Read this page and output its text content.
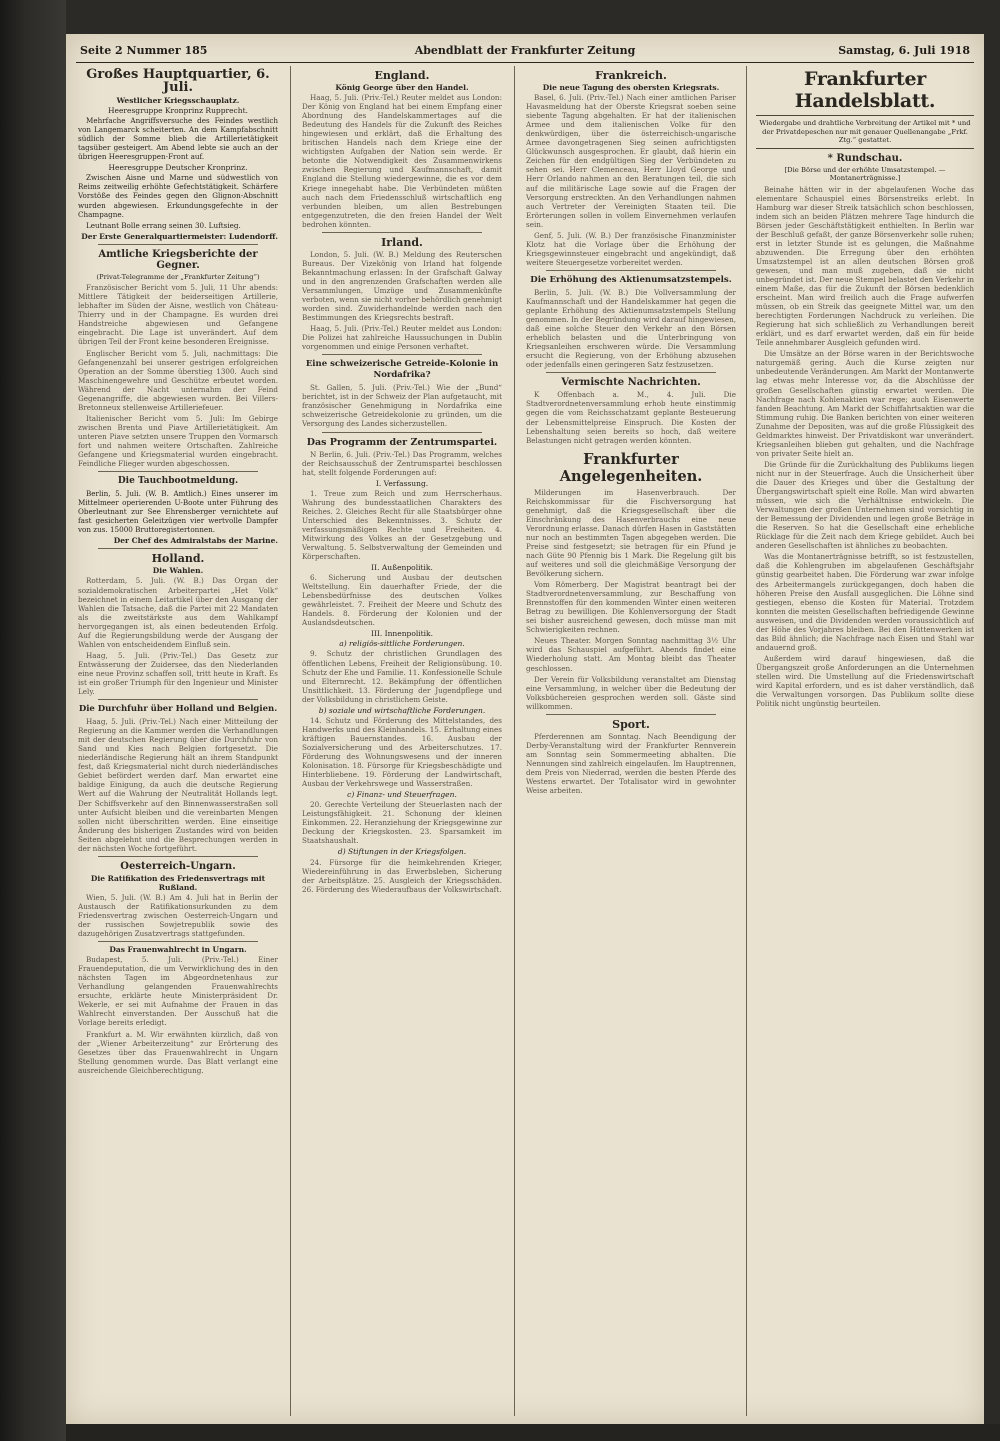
Seite 2 Nummer 185	Abendblatt der Frankfurter Zeitung	Samstag, 6. Juli 1918
Großes Hauptquartier, 6. Juli.
Westlicher Kriegsschauplatz.
Heeresgruppe Kronprinz Rupprecht.

Mehrfache Angriffsversuche des Feindes westlich von Langemarck scheiterten. An dem Kampfabschnitt südlich der Somme blieb die Artillerietätigkeit tagsüber gesteigert. Am Abend lebte sie auch an der übrigen Heeresgruppen-Front auf.

Heeresgruppe Deutscher Kronprinz.

Zwischen Aisne und Marne und südwestlich von Reims zeitweilig erhöhte Gefechtstätigkeit. Schärfere Vorstöße des Feindes gegen den Glignon-Abschnitt wurden abgewiesen. Erkundungsgefechte in der Champagne.

Leutnant Bolle errang seinen 30. Luftsieg.

Der Erste Generalquartiermeister: Ludendorff.
Amtliche Kriegsberichte der Gegner.
(Privat-Telegramme der „Frankfurter Zeitung“)

Französischer Bericht vom 5. Juli, 11 Uhr abends: Mittlere Tätigkeit der beiderseitigen Artillerie, lebhafter im Süden der Aisne, westlich von Château-Thierry und in der Champagne. Es wurden drei Handstreiche abgewiesen und Gefangene eingebracht. Die Lage ist unverändert. Auf dem übrigen Teil der Front keine besonderen Ereignisse.

Englischer Bericht vom 5. Juli, nachmittags: Die Gefangenenzahl bei unserer gestrigen erfolgreichen Operation an der Somme überstieg 1300. Auch sind Maschinengewehre und Geschütze erbeutet worden. Während der Nacht unternahm der Feind Gegenangriffe, die abgewiesen wurden. Bei Villers-Bretonneux stellenweise Artilleriefeuer.

Italienischer Bericht vom 5. Juli: Im Gebirge zwischen Brenta und Piave Artillerietätigkeit. Am unteren Piave setzten unsere Truppen den Vormarsch fort und nahmen weitere Ortschaften. Zahlreiche Gefangene und Kriegsmaterial wurden eingebracht. Feindliche Flieger wurden abgeschossen.

Die Tauchbootmeldung.

Berlin, 5. Juli. (W. B. Amtlich.) Eines unserer im Mittelmeer operierenden U-Boote unter Führung des Oberleutnant zur See Ehrensberger vernichtete auf fast gesicherten Geleitzügen vier wertvolle Dampfer von zus. 15000 Bruttoregistertonnen.

Der Chef des Admiralstabs der Marine.
Holland.
Die Wahlen.

Rotterdam, 5. Juli. (W. B.) Das Organ der sozialdemokratischen Arbeiterpartei „Het Volk“ bezeichnet in einem Leitartikel über den Ausgang der Wahlen die Tatsache, daß die Partei mit 22 Mandaten als die zweitstärkste aus dem Wahlkampf hervorgegangen ist, als einen bedeutenden Erfolg. Auf die Regierungsbildung werde der Ausgang der Wahlen von entscheidendem Einfluß sein.

Haag, 5. Juli. (Priv.-Tel.) Das Gesetz zur Entwässerung der Zuidersee, das den Niederlanden eine neue Provinz schaffen soll, tritt heute in Kraft. Es ist ein großer Triumph für den Ingenieur und Minister Lely.

Die Durchfuhr über Holland und Belgien.

Haag, 5. Juli. (Priv.-Tel.) Nach einer Mitteilung der Regierung an die Kammer werden die Verhandlungen mit der deutschen Regierung über die Durchfuhr von Sand und Kies nach Belgien fortgesetzt. Die niederländische Regierung hält an ihrem Standpunkt fest, daß Kriegsmaterial nicht durch niederländisches Gebiet befördert werden darf. Man erwartet eine baldige Einigung, da auch die deutsche Regierung Wert auf die Wahrung der Neutralität Hollands legt. Der Schiffsverkehr auf den Binnenwasserstraßen soll unter Aufsicht bleiben und die vereinbarten Mengen sollen nicht überschritten werden. Eine einseitige Änderung des bisherigen Zustandes wird von beiden Seiten abgelehnt und die Besprechungen werden in der nächsten Woche fortgeführt.

Oesterreich-Ungarn.
Die Ratifikation des Friedensvertrags mit Rußland.

Wien, 5. Juli. (W. B.) Am 4. Juli hat in Berlin der Austausch der Ratifikationsurkunden zu dem Friedensvertrag zwischen Oesterreich-Ungarn und der russischen Sowjetrepublik sowie des dazugehörigen Zusatzvertrags stattgefunden.

Das Frauenwahlrecht in Ungarn.

Budapest, 5. Juli. (Priv.-Tel.) Einer Frauendeputation, die um Verwirklichung des in den nächsten Tagen im Abgeordnetenhaus zur Verhandlung gelangenden Frauenwahlrechts ersuchte, erklärte heute Ministerpräsident Dr. Wekerle, er sei mit Aufnahme der Frauen in das Wahlrecht einverstanden. Der Ausschuß hat die Vorlage bereits erledigt.

Frankfurt a. M. Wir erwähnten kürzlich, daß von der „Wiener Arbeiterzeitung“ zur Erörterung des Gesetzes über das Frauenwahlrecht in Ungarn Stellung genommen wurde. Das Blatt verlangt eine ausreichende Gleichberechtigung.

England.
König George über den Handel.

Haag, 5. Juli. (Priv.-Tel.) Reuter meldet aus London: Der König von England hat bei einem Empfang einer Abordnung des Handelskammertages auf die Bedeutung des Handels für die Zukunft des Reiches hingewiesen und erklärt, daß die Erhaltung des britischen Handels nach dem Kriege eine der wichtigsten Aufgaben der Nation sein werde. Er betonte die Notwendigkeit des Zusammenwirkens zwischen Regierung und Kaufmannschaft, damit England die Stellung wiedergewinne, die es vor dem Kriege innegehabt habe. Die Verbündeten müßten auch nach dem Friedensschluß wirtschaftlich eng verbunden bleiben, um allen Bestrebungen entgegenzutreten, die den freien Handel der Welt bedrohen könnten.

Irland.

London, 5. Juli. (W. B.) Meldung des Reuterschen Bureaus. Der Vizekönig von Irland hat folgende Bekanntmachung erlassen: In der Grafschaft Galway und in den angrenzenden Grafschaften werden alle Versammlungen, Umzüge und Zusammenkünfte verboten, wenn sie nicht vorher behördlich genehmigt worden sind. Zuwiderhandelnde werden nach den Bestimmungen des Kriegsrechts bestraft.

Haag, 5. Juli. (Priv.-Tel.) Reuter meldet aus London: Die Polizei hat zahlreiche Haussuchungen in Dublin vorgenommen und einige Personen verhaftet.

Eine schweizerische Getreide-Kolonie in Nordafrika?

St. Gallen, 5. Juli. (Priv.-Tel.) Wie der „Bund“ berichtet, ist in der Schweiz der Plan aufgetaucht, mit französischer Genehmigung in Nordafrika eine schweizerische Getreidekolonie zu gründen, um die Versorgung des Landes sicherzustellen.

Das Programm der Zentrumspartei.

N Berlin, 6. Juli. (Priv.-Tel.) Das Programm, welches der Reichsausschuß der Zentrumspartei beschlossen hat, stellt folgende Forderungen auf:

I. Verfassung.

1. Treue zum Reich und zum Herrscherhaus. Wahrung des bundesstaatlichen Charakters des Reiches. 2. Gleiches Recht für alle Staatsbürger ohne Unterschied des Bekenntnisses. 3. Schutz der verfassungsmäßigen Rechte und Freiheiten. 4. Mitwirkung des Volkes an der Gesetzgebung und Verwaltung. 5. Selbstverwaltung der Gemeinden und Körperschaften.

II. Außenpolitik.

6. Sicherung und Ausbau der deutschen Weltstellung. Ein dauerhafter Friede, der die Lebensbedürfnisse des deutschen Volkes gewährleistet. 7. Freiheit der Meere und Schutz des Handels. 8. Förderung der Kolonien und der Auslandsdeutschen.

III. Innenpolitik.
a) religiös-sittliche Forderungen.

9. Schutz der christlichen Grundlagen des öffentlichen Lebens, Freiheit der Religionsübung. 10. Schutz der Ehe und Familie. 11. Konfessionelle Schule und Elternrecht. 12. Bekämpfung der öffentlichen Unsittlichkeit. 13. Förderung der Jugendpflege und der Volksbildung in christlichem Geiste.

b) soziale und wirtschaftliche Forderungen.

14. Schutz und Förderung des Mittelstandes, des Handwerks und des Kleinhandels. 15. Erhaltung eines kräftigen Bauernstandes. 16. Ausbau der Sozialversicherung und des Arbeiterschutzes. 17. Förderung des Wohnungswesens und der inneren Kolonisation. 18. Fürsorge für Kriegsbeschädigte und Hinterbliebene. 19. Förderung der Landwirtschaft, Ausbau der Verkehrswege und Wasserstraßen.

c) Finanz- und Steuerfragen.

20. Gerechte Verteilung der Steuerlasten nach der Leistungsfähigkeit. 21. Schonung der kleinen Einkommen. 22. Heranziehung der Kriegsgewinne zur Deckung der Kriegskosten. 23. Sparsamkeit im Staatshaushalt.

d) Stiftungen in der Kriegsfolgen.

24. Fürsorge für die heimkehrenden Krieger, Wiedereinführung in das Erwerbsleben, Sicherung der Arbeitsplätze. 25. Ausgleich der Kriegsschäden. 26. Förderung des Wiederaufbaus der Volkswirtschaft.

Frankreich.
Die neue Tagung des obersten Kriegsrats.

Basel, 6. Juli. (Priv.-Tel.) Nach einer amtlichen Pariser Havasmeldung hat der Oberste Kriegsrat soeben seine siebente Tagung abgehalten. Er hat der italienischen Armee und dem italienischen Volke für den denkwürdigen, über die österreichisch-ungarische Armee davongetragenen Sieg seinen aufrichtigsten Glückwunsch ausgesprochen. Er glaubt, daß hierin ein Zeichen für den endgültigen Sieg der Verbündeten zu sehen sei. Herr Clemenceau, Herr Lloyd George und Herr Orlando nahmen an den Beratungen teil, die sich auf die militärische Lage sowie auf die Fragen der Versorgung erstreckten. An den Verhandlungen nahmen auch Vertreter der Vereinigten Staaten teil. Die Erörterungen sollen in vollem Einvernehmen verlaufen sein.

Genf, 5. Juli. (W. B.) Der französische Finanzminister Klotz hat die Vorlage über die Erhöhung der Kriegsgewinnsteuer eingebracht und angekündigt, daß weitere Steuergesetze vorbereitet werden.

Die Erhöhung des Aktienumsatzstempels.

Berlin, 5. Juli. (W. B.) Die Vollversammlung der Kaufmannschaft und der Handelskammer hat gegen die geplante Erhöhung des Aktienumsatzstempels Stellung genommen. In der Begründung wird darauf hingewiesen, daß eine solche Steuer den Verkehr an den Börsen erheblich belasten und die Unterbringung von Kriegsanleihen erschweren würde. Die Versammlung ersucht die Regierung, von der Erhöhung abzusehen oder jedenfalls einen geringeren Satz festzusetzen.

Vermischte Nachrichten.

K Offenbach a. M., 4. Juli. Die Stadtverordnetenversammlung erhob heute einstimmig gegen die vom Reichsschatzamt geplante Besteuerung der Lebensmittelpreise Einspruch. Die Kosten der Lebenshaltung seien bereits so hoch, daß weitere Belastungen nicht getragen werden könnten.

Frankfurter Angelegenheiten.

Milderungen im Hasenverbrauch. Der Reichskommissar für die Fischversorgung hat genehmigt, daß die Kriegsgesellschaft über die Einschränkung des Hasenverbrauchs eine neue Verordnung erlasse. Danach dürfen Hasen in Gaststätten nur noch an bestimmten Tagen abgegeben werden. Die Preise sind festgesetzt; sie betragen für ein Pfund je nach Güte 90 Pfennig bis 1 Mark. Die Regelung gilt bis auf weiteres und soll die gleichmäßige Versorgung der Bevölkerung sichern.

Vom Römerberg. Der Magistrat beantragt bei der Stadtverordnetenversammlung, zur Beschaffung von Brennstoffen für den kommenden Winter einen weiteren Betrag zu bewilligen. Die Kohlenversorgung der Stadt sei bisher ausreichend gewesen, doch müsse man mit Schwierigkeiten rechnen.

Neues Theater. Morgen Sonntag nachmittag 3½ Uhr wird das Schauspiel aufgeführt. Abends findet eine Wiederholung statt. Am Montag bleibt das Theater geschlossen.

Der Verein für Volksbildung veranstaltet am Dienstag eine Versammlung, in welcher über die Bedeutung der Volksbüchereien gesprochen werden soll. Gäste sind willkommen.

Sport.

Pferderennen am Sonntag. Nach Beendigung der Derby-Veranstaltung wird der Frankfurter Rennverein am Sonntag sein Sommermeeting abhalten. Die Nennungen sind zahlreich eingelaufen. Im Hauptrennen, dem Preis von Niederrad, werden die besten Pferde des Westens erwartet. Der Totalisator wird in gewohnter Weise arbeiten.

Frankfurter Handelsblatt.
Wiedergabe und drahtliche Verbreitung der Artikel mit * und der Privatdepeschen nur mit genauer Quellenangabe „Frkf. Ztg.“ gestattet.
* Rundschau.
[Die Börse und der erhöhte Umsatzstempel. — Montanerträgnisse.]

Beinahe hätten wir in der abgelaufenen Woche das elementare Schauspiel eines Börsenstreiks erlebt. In Hamburg war dieser Streik tatsächlich schon beschlossen, indem sich an beiden Plätzen mehrere Tage hindurch die Börsen jeder Geschäftstätigkeit enthielten. In Berlin war der Beschluß gefaßt, der ganze Börsenverkehr solle ruhen; erst in letzter Stunde ist es gelungen, die Maßnahme abzuwenden. Die Erregung über den erhöhten Umsatzstempel ist an allen deutschen Börsen groß gewesen, und man muß zugeben, daß sie nicht unbegründet ist. Der neue Stempel belastet den Verkehr in einem Maße, das für die Zukunft der Börsen bedenklich erscheint. Man wird freilich auch die Frage aufwerfen müssen, ob ein Streik das geeignete Mittel war, um den berechtigten Forderungen Nachdruck zu verleihen. Die Regierung hat sich schließlich zu Verhandlungen bereit erklärt, und es darf erwartet werden, daß ein für beide Teile annehmbarer Ausgleich gefunden wird.

Die Umsätze an der Börse waren in der Berichtswoche naturgemäß gering. Auch die Kurse zeigten nur unbedeutende Veränderungen. Am Markt der Montanwerte lag etwas mehr Interesse vor, da die Abschlüsse der großen Gesellschaften günstig erwartet werden. Die Nachfrage nach Kohlenaktien war rege; auch Eisenwerte fanden Beachtung. Am Markt der Schiffahrtsaktien war die Stimmung ruhig. Die Banken berichten von einer weiteren Zunahme der Depositen, was auf die große Flüssigkeit des Geldmarktes hinweist. Der Privatdiskont war unverändert. Kriegsanleihen blieben gut gehalten, und die Nachfrage von privater Seite hielt an.

Die Gründe für die Zurückhaltung des Publikums liegen nicht nur in der Steuerfrage. Auch die Unsicherheit über die Dauer des Krieges und über die Gestaltung der Übergangswirtschaft spielt eine Rolle. Man wird abwarten müssen, wie sich die Verhältnisse entwickeln. Die Verwaltungen der großen Unternehmen sind vorsichtig in der Bemessung der Dividenden und legen große Beträge in die Reserven. So hat die Gesellschaft eine erhebliche Rücklage für die Zeit nach dem Kriege gebildet. Auch bei anderen Gesellschaften ist ähnliches zu beobachten.

Was die Montanerträgnisse betrifft, so ist festzustellen, daß die Kohlengruben im abgelaufenen Geschäftsjahr günstig gearbeitet haben. Die Förderung war zwar infolge des Arbeitermangels zurückgegangen, doch haben die höheren Preise den Ausfall ausgeglichen. Die Löhne sind gestiegen, ebenso die Kosten für Material. Trotzdem konnten die meisten Gesellschaften befriedigende Gewinne ausweisen, und die Dividenden werden voraussichtlich auf der Höhe des Vorjahres bleiben. Bei den Hüttenwerken ist das Bild ähnlich; die Nachfrage nach Eisen und Stahl war andauernd groß.

Außerdem wird darauf hingewiesen, daß die Übergangszeit große Anforderungen an die Unternehmen stellen wird. Die Umstellung auf die Friedenswirtschaft wird Kapital erfordern, und es ist daher verständlich, daß die Verwaltungen vorsorgen. Das Publikum sollte diese Politik nicht ungünstig beurteilen.
